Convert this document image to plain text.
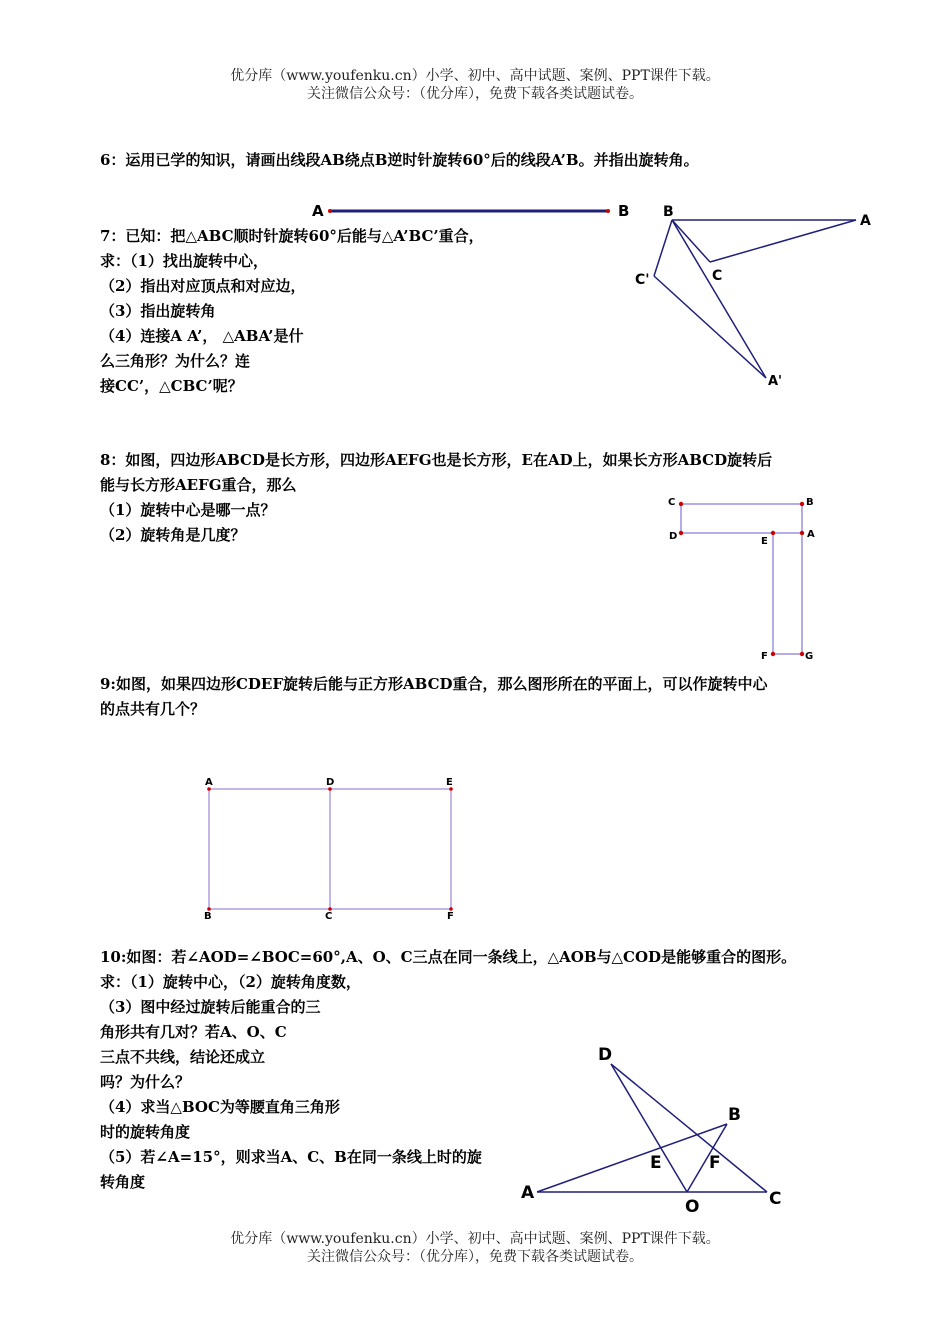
优分库（www.youfenku.cn）小学、初中、高中试题、案例、PPT课件下载。
关注微信公众号：（优分库），免费下载各类试题试卷。
6：运用已学的知识，请画出线段AB绕点B逆时针旋转60°后的线段A’B。并指出旋转角。
A	B
7：已知：把△ABC顺时针旋转60°后能与△A’BC’重合，
求：（1）找出旋转中心，
（2）指出对应顶点和对应边，
（3）指出旋转角
（4）连接A A’， △ABA’是什
么三角形？为什么？连
接CC’，△CBC’呢？
B
A
C
C'
A'
8：如图，四边形ABCD是长方形，四边形AEFG也是长方形，E在AD上，如果长方形ABCD旋转后
能与长方形AEFG重合，那么
（1）旋转中心是哪一点？
（2）旋转角是几度？
C	B
D	E
A
F	G
9:如图，如果四边形CDEF旋转后能与正方形ABCD重合，那么图形所在的平面上，可以作旋转中心
的点共有几个？
A	D	E
B	C	F
10:如图：若∠AOD=∠BOC=60°,A、O、C三点在同一条线上，△AOB与△COD是能够重合的图形。
求：（1）旋转中心，（2）旋转角度数，
（3）图中经过旋转后能重合的三
角形共有几对？若A、O、C
三点不共线，结论还成立
吗？为什么？
（4）求当△BOC为等腰直角三角形
时的旋转角度
（5）若∠A=15°，则求当A、C、B在同一条线上时的旋
转角度
D
B
E	F
A
O	C
优分库（www.youfenku.cn）小学、初中、高中试题、案例、PPT课件下载。
关注微信公众号：（优分库），免费下载各类试题试卷。
